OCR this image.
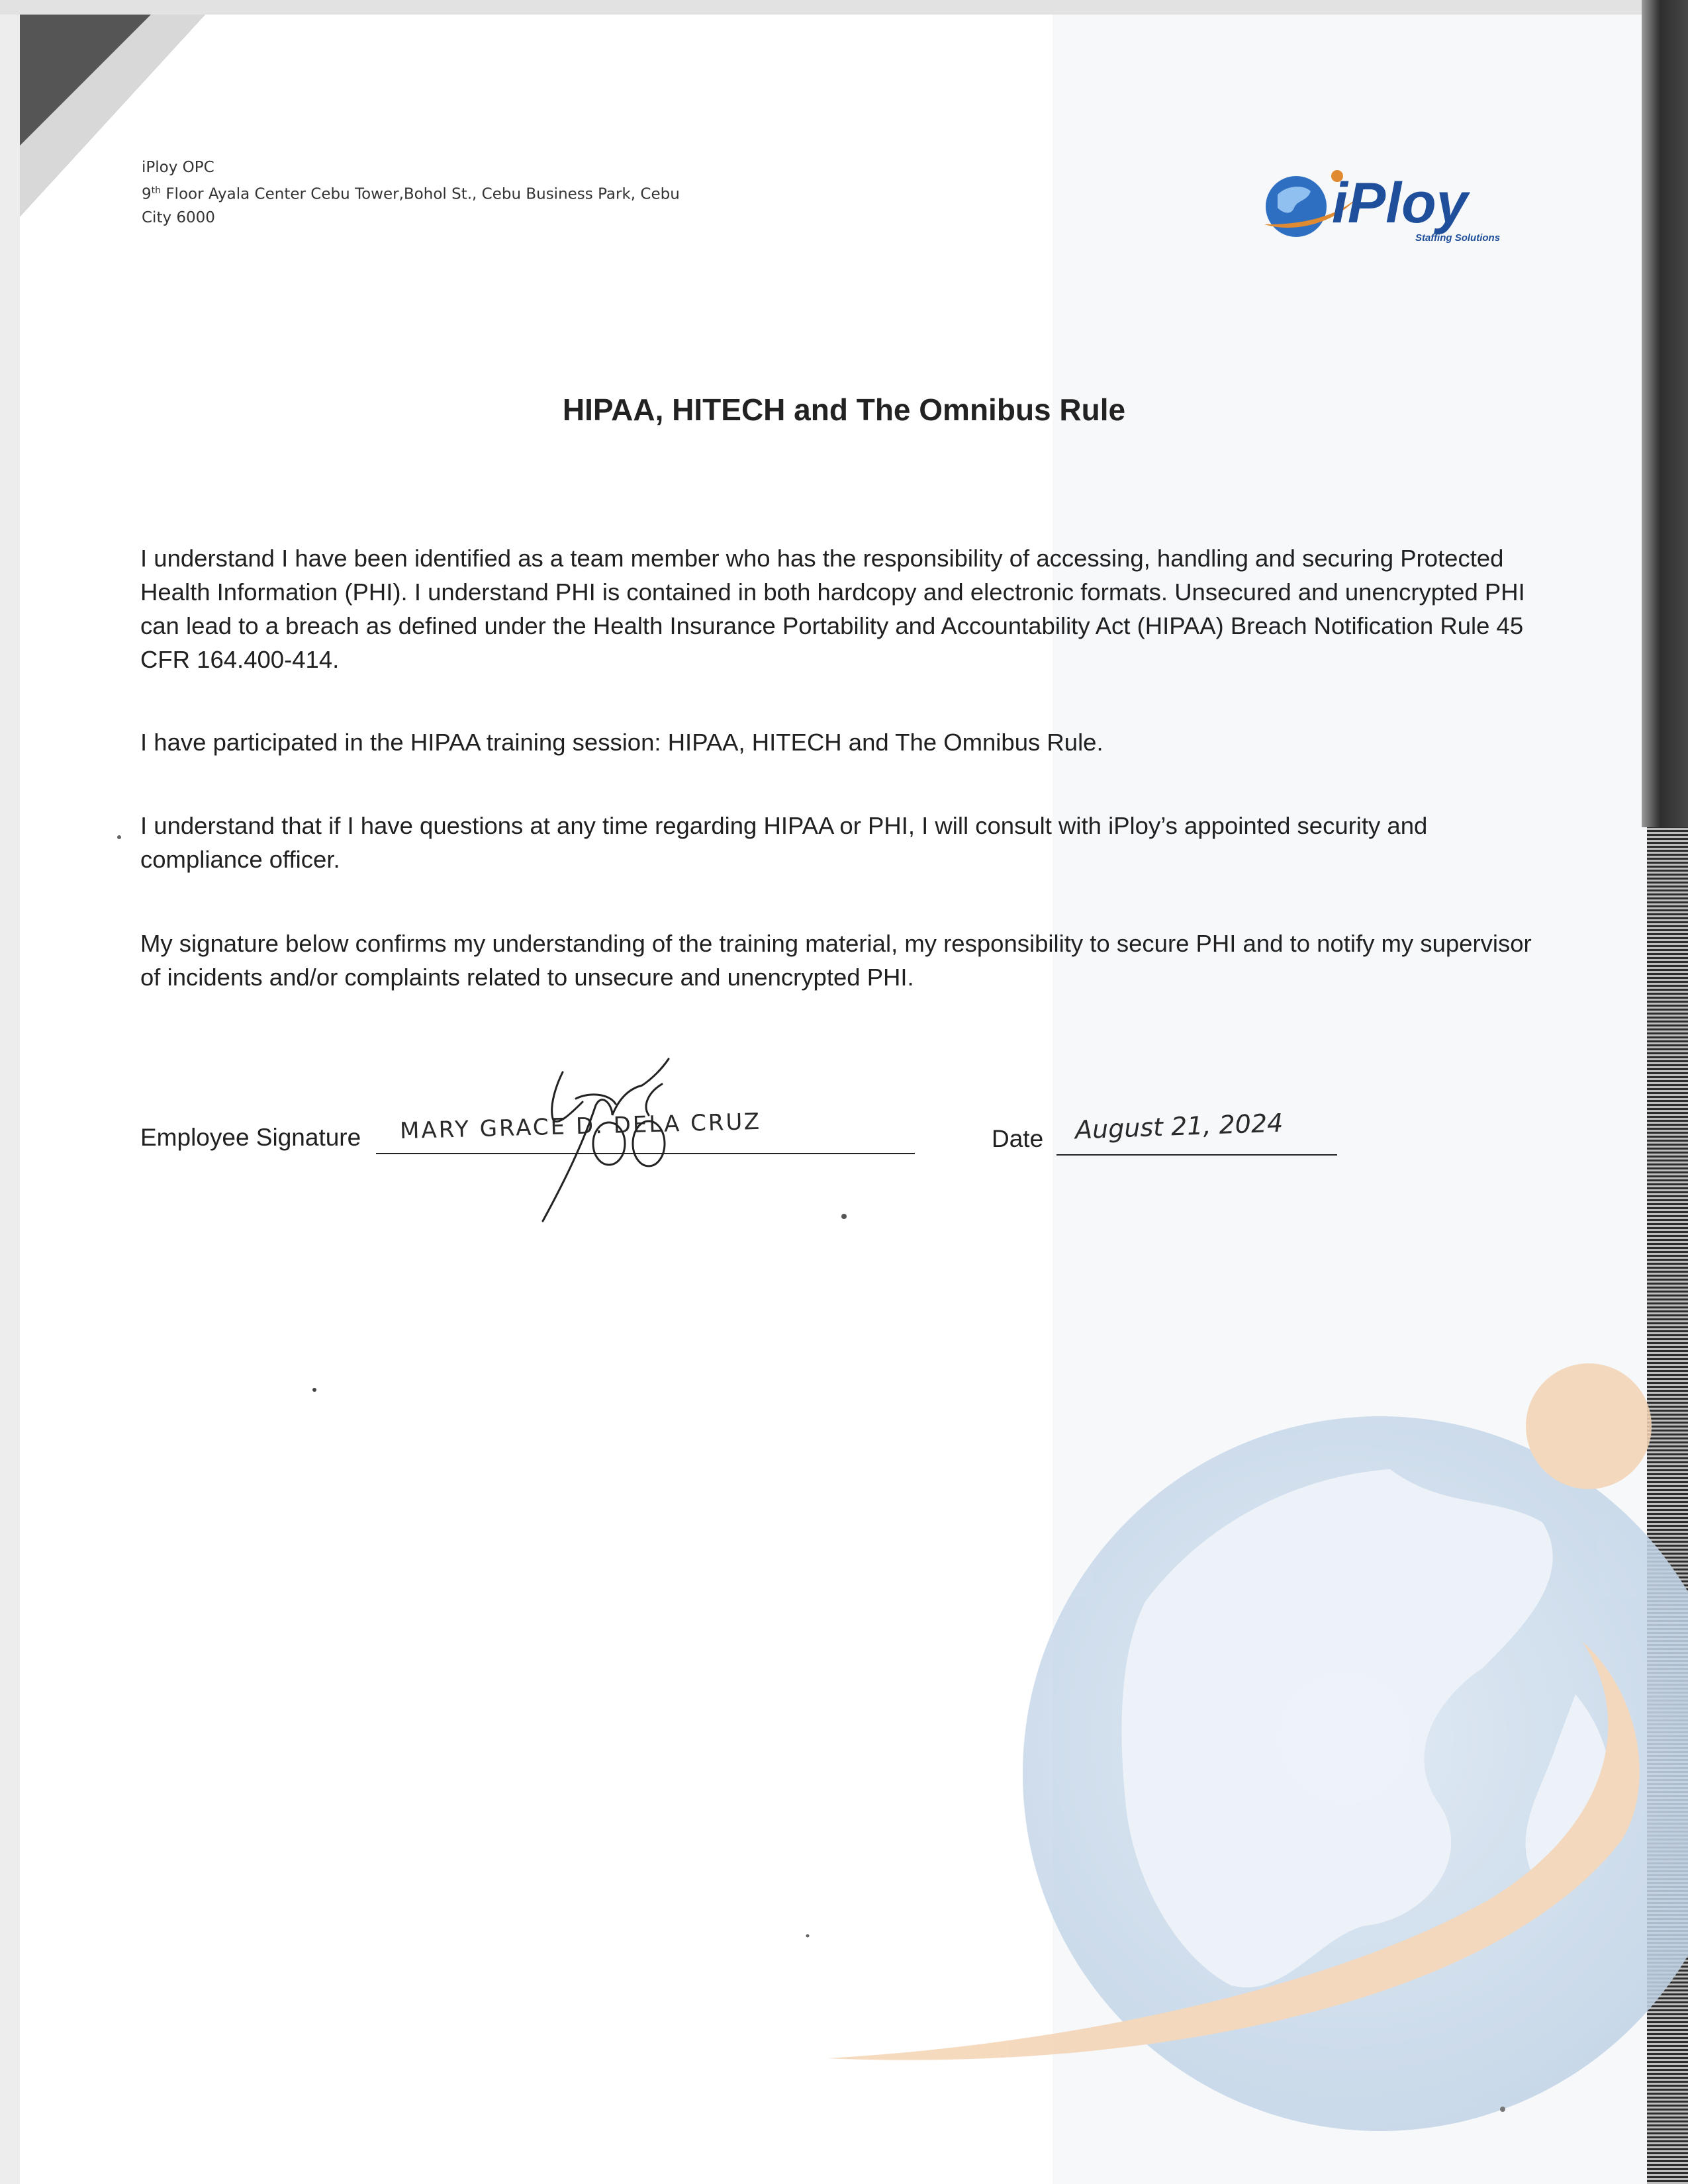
iPloy OPC
9th Floor Ayala Center Cebu Tower,Bohol St., Cebu Business Park, Cebu
City 6000	iPloy
Staffing Solutions
HIPAA, HITECH and The Omnibus Rule
I understand I have been identified as a team member who has the responsibility of accessing, handling and securing Protected Health Information (PHI). I understand PHI is contained in both hardcopy and electronic formats. Unsecured and unencrypted PHI can lead to a breach as defined under the Health Insurance Portability and Accountability Act (HIPAA) Breach Notification Rule 45 CFR 164.400-414.
I have participated in the HIPAA training session: HIPAA, HITECH and The Omnibus Rule.
I understand that if I have questions at any time regarding HIPAA or PHI, I will consult with iPloy’s appointed security and compliance officer.
My signature below confirms my understanding of the training material, my responsibility to secure PHI and to notify my supervisor of incidents and/or complaints related to unsecure and unencrypted PHI.
Employee Signature MARY GRACE D. DELA CRUZ	Date August 21, 2024
